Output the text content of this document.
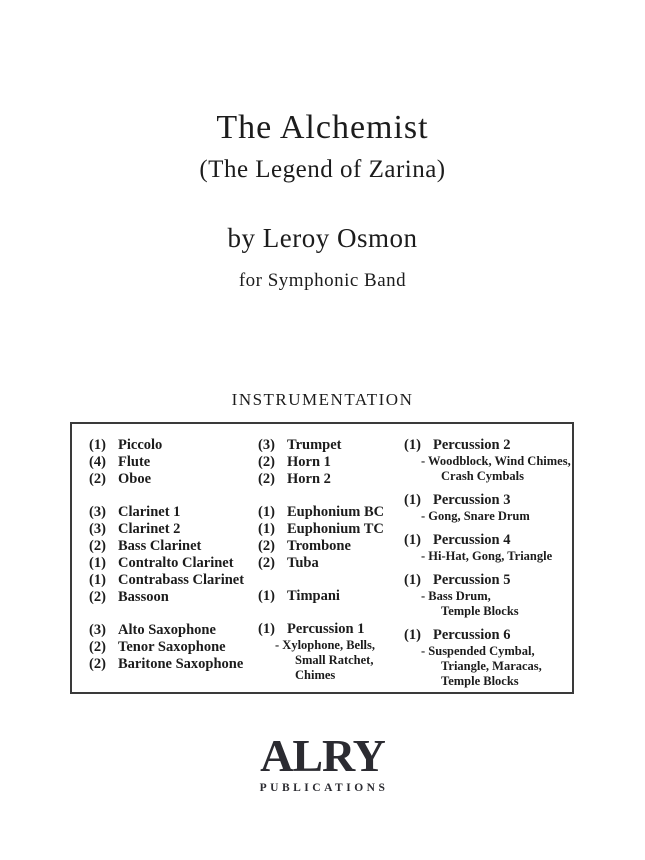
The Alchemist
(The Legend of Zarina)
by Leroy Osmon
for Symphonic Band
INSTRUMENTATION
(1) Piccolo
(4) Flute
(2) Oboe
(3) Clarinet 1
(3) Clarinet 2
(2) Bass Clarinet
(1) Contralto Clarinet
(1) Contrabass Clarinet
(2) Bassoon
(3) Alto Saxophone
(2) Tenor Saxophone
(2) Baritone Saxophone
(3) Trumpet
(2) Horn 1
(2) Horn 2
(1) Euphonium BC
(1) Euphonium TC
(2) Trombone
(2) Tuba
(1) Timpani
(1) Percussion 1
- Xylophone, Bells,
Small Ratchet,
Chimes
(1) Percussion 2
- Woodblock, Wind Chimes,
Crash Cymbals
(1) Percussion 3
- Gong, Snare Drum
(1) Percussion 4
- Hi-Hat, Gong, Triangle
(1) Percussion 5
- Bass Drum,
Temple Blocks
(1) Percussion 6
- Suspended Cymbal,
Triangle, Maracas,
Temple Blocks
ALRY
PUBLICATIONS
